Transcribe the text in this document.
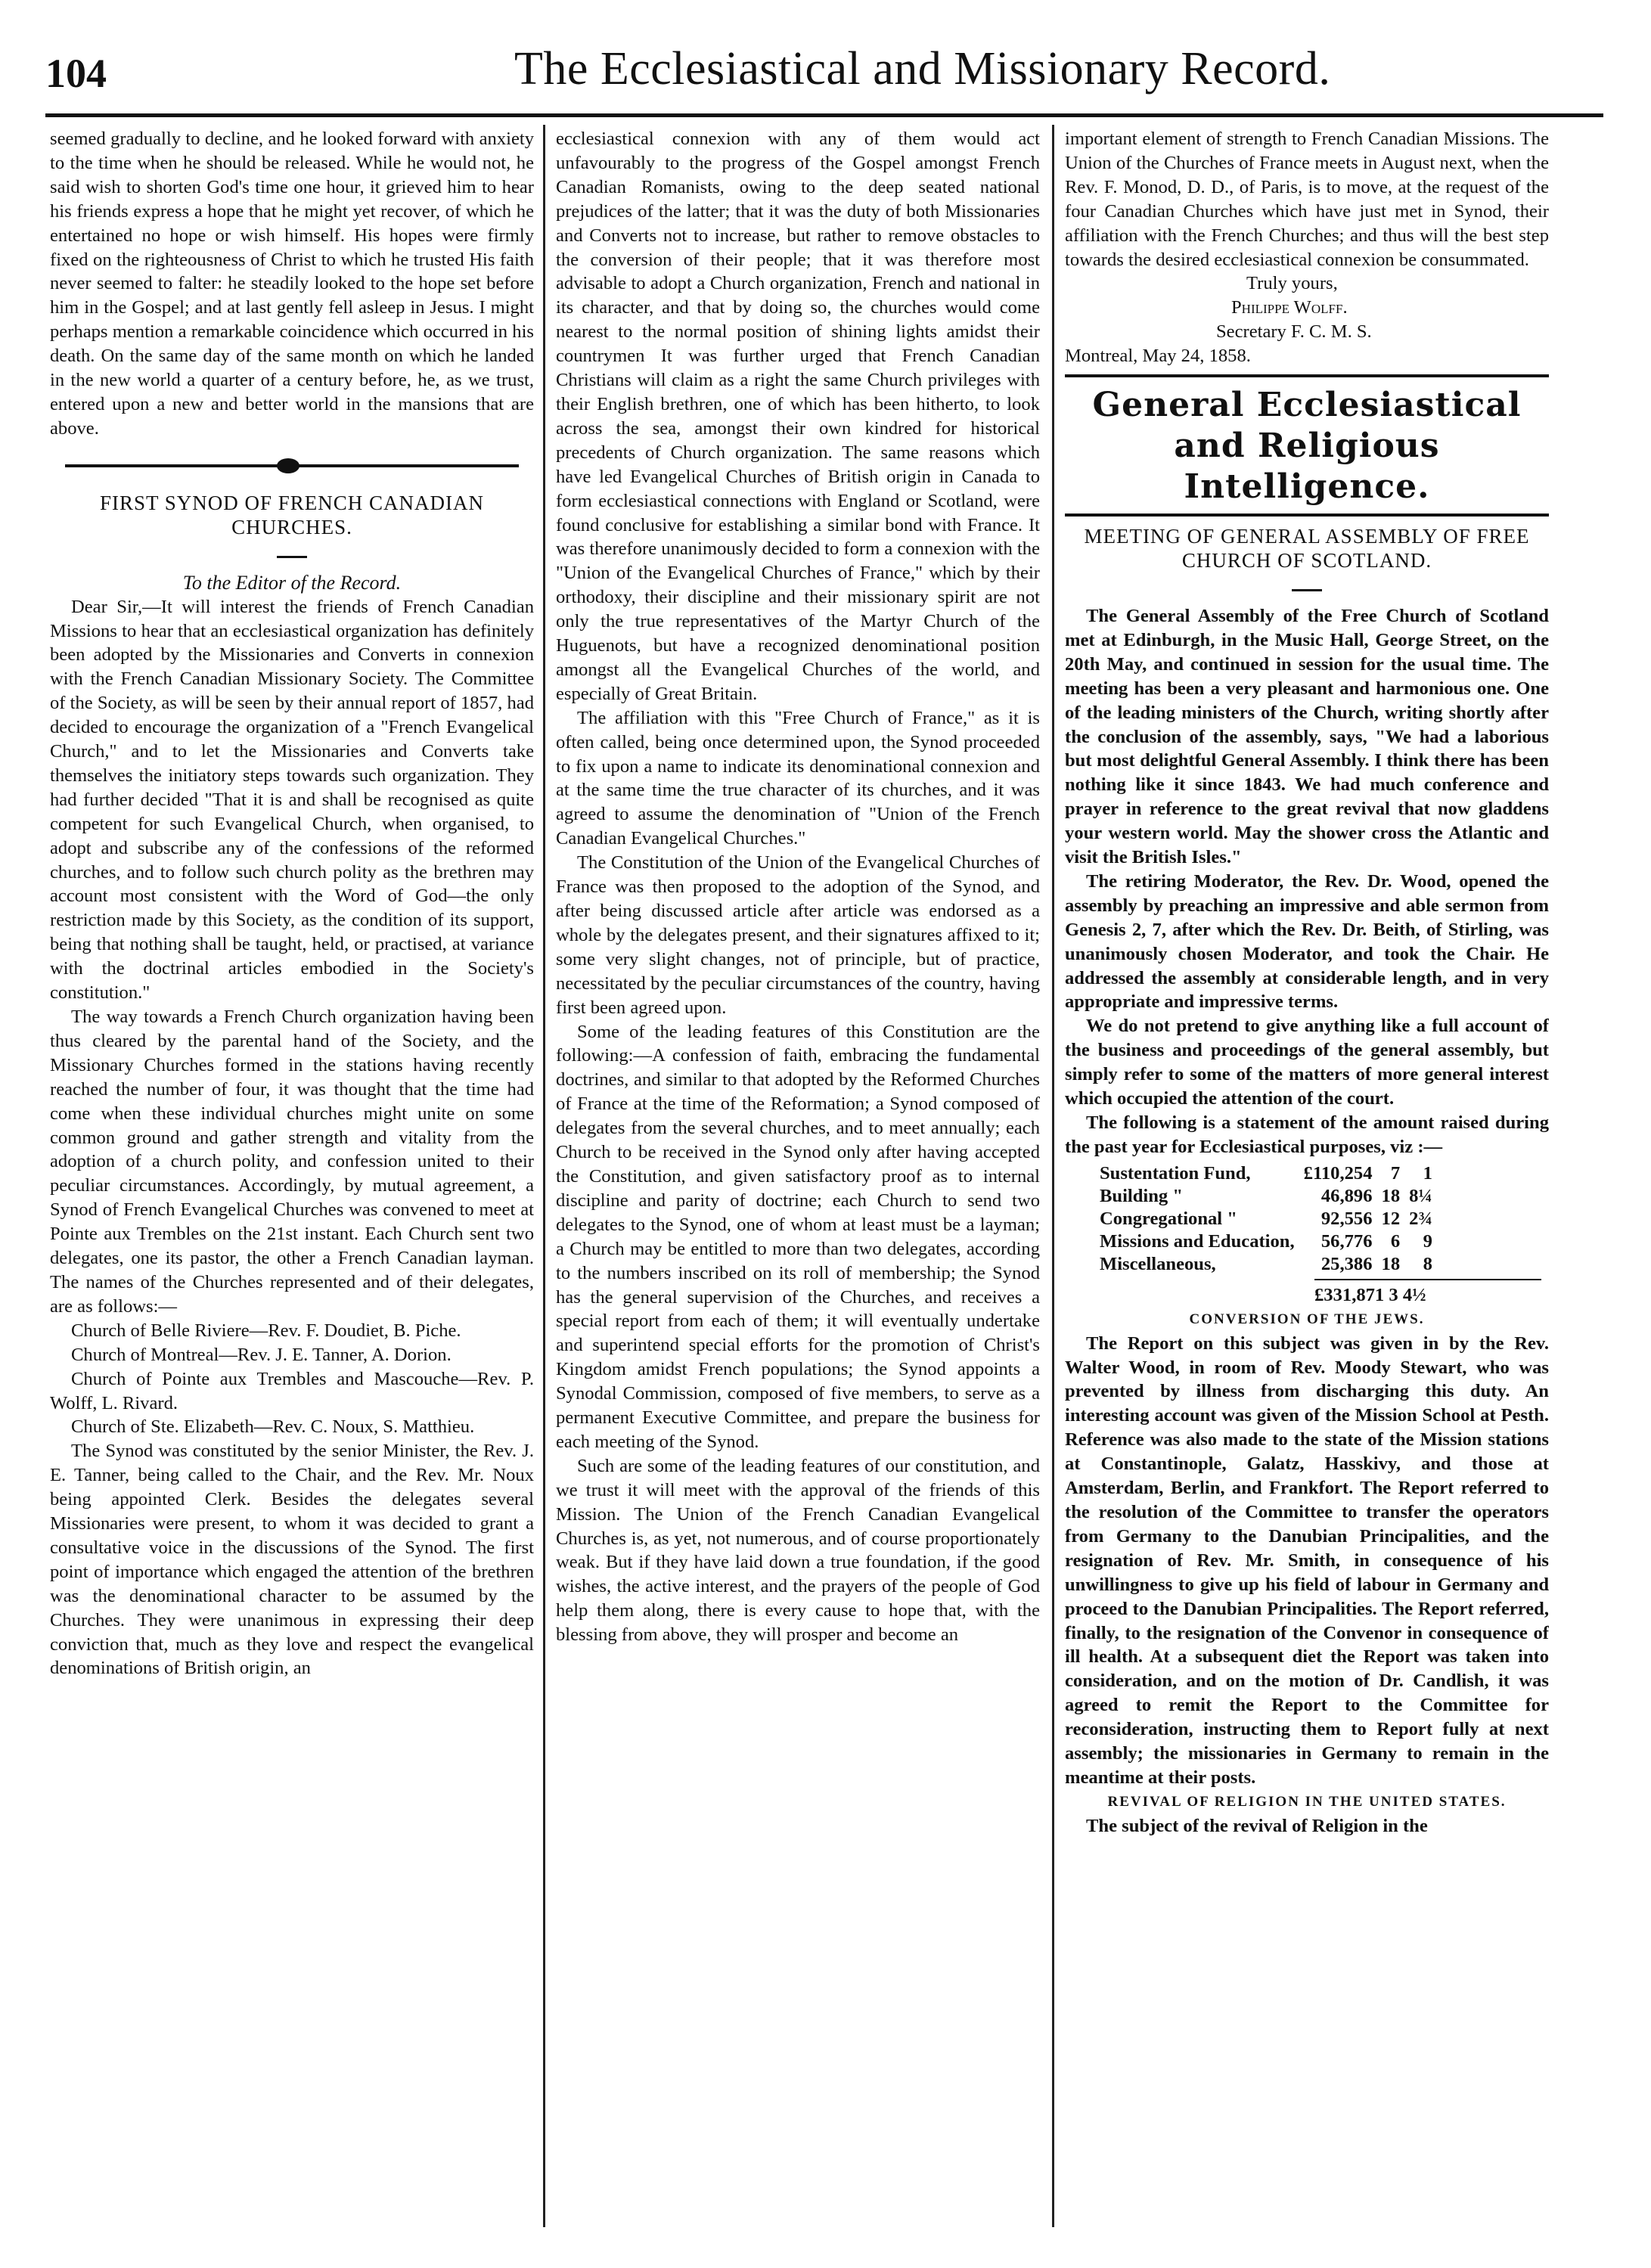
104	The Ecclesiastical and Missionary Record.

seemed gradually to decline, and he looked forward with anxiety to the time when he should be released. While he would not, he said wish to shorten God's time one hour, it grieved him to hear his friends express a hope that he might yet recover, of which he entertained no hope or wish himself. His hopes were firmly fixed on the righteousness of Christ to which he trusted His faith never seemed to falter: he steadily looked to the hope set before him in the Gospel; and at last gently fell asleep in Jesus. I might perhaps mention a remarkable coincidence which occurred in his death. On the same day of the same month on which he landed in the new world a quarter of a century before, he, as we trust, entered upon a new and better world in the mansions that are above.

FIRST SYNOD OF FRENCH CANADIAN CHURCHES.

To the Editor of the Record.

Dear Sir,—It will interest the friends of French Canadian Missions to hear that an ecclesiastical organization has definitely been adopted by the Missionaries and Converts in connexion with the French Canadian Missionary Society. The Committee of the Society, as will be seen by their annual report of 1857, had decided to encourage the organization of a "French Evangelical Church," and to let the Missionaries and Converts take themselves the initiatory steps towards such organization. They had further decided "That it is and shall be recognised as quite competent for such Evangelical Church, when organised, to adopt and subscribe any of the confessions of the reformed churches, and to follow such church polity as the brethren may account most consistent with the Word of God—the only restriction made by this Society, as the condition of its support, being that nothing shall be taught, held, or practised, at variance with the doctrinal articles embodied in the Society's constitution."

The way towards a French Church organization having been thus cleared by the parental hand of the Society, and the Missionary Churches formed in the stations having recently reached the number of four, it was thought that the time had come when these individual churches might unite on some common ground and gather strength and vitality from the adoption of a church polity, and confession united to their peculiar circumstances. Accordingly, by mutual agreement, a Synod of French Evangelical Churches was convened to meet at Pointe aux Trembles on the 21st instant. Each Church sent two delegates, one its pastor, the other a French Canadian layman. The names of the Churches represented and of their delegates, are as follows:—

Church of Belle Riviere—Rev. F. Doudiet, B. Piche.

Church of Montreal—Rev. J. E. Tanner, A. Dorion.

Church of Pointe aux Trembles and Mascouche—Rev. P. Wolff, L. Rivard.

Church of Ste. Elizabeth—Rev. C. Noux, S. Matthieu.

The Synod was constituted by the senior Minister, the Rev. J. E. Tanner, being called to the Chair, and the Rev. Mr. Noux being appointed Clerk. Besides the delegates several Missionaries were present, to whom it was decided to grant a consultative voice in the discussions of the Synod. The first point of importance which engaged the attention of the brethren was the denominational character to be assumed by the Churches. They were unanimous in expressing their deep conviction that, much as they love and respect the evangelical denominations of British origin, an

ecclesiastical connexion with any of them would act unfavourably to the progress of the Gospel amongst French Canadian Romanists, owing to the deep seated national prejudices of the latter; that it was the duty of both Missionaries and Converts not to increase, but rather to remove obstacles to the conversion of their people; that it was therefore most advisable to adopt a Church organization, French and national in its character, and that by doing so, the churches would come nearest to the normal position of shining lights amidst their countrymen It was further urged that French Canadian Christians will claim as a right the same Church privileges with their English brethren, one of which has been hitherto, to look across the sea, amongst their own kindred for historical precedents of Church organization. The same reasons which have led Evangelical Churches of British origin in Canada to form ecclesiastical connections with England or Scotland, were found conclusive for establishing a similar bond with France. It was therefore unanimously decided to form a connexion with the "Union of the Evangelical Churches of France," which by their orthodoxy, their discipline and their missionary spirit are not only the true representatives of the Martyr Church of the Huguenots, but have a recognized denominational position amongst all the Evangelical Churches of the world, and especially of Great Britain.

The affiliation with this "Free Church of France," as it is often called, being once determined upon, the Synod proceeded to fix upon a name to indicate its denominational connexion and at the same time the true character of its churches, and it was agreed to assume the denomination of "Union of the French Canadian Evangelical Churches."

The Constitution of the Union of the Evangelical Churches of France was then proposed to the adoption of the Synod, and after being discussed article after article was endorsed as a whole by the delegates present, and their signatures affixed to it; some very slight changes, not of principle, but of practice, necessitated by the peculiar circumstances of the country, having first been agreed upon.

Some of the leading features of this Constitution are the following:—A confession of faith, embracing the fundamental doctrines, and similar to that adopted by the Reformed Churches of France at the time of the Reformation; a Synod composed of delegates from the several churches, and to meet annually; each Church to be received in the Synod only after having accepted the Constitution, and given satisfactory proof as to internal discipline and parity of doctrine; each Church to send two delegates to the Synod, one of whom at least must be a layman; a Church may be entitled to more than two delegates, according to the numbers inscribed on its roll of membership; the Synod has the general supervision of the Churches, and receives a special report from each of them; it will eventually undertake and superintend special efforts for the promotion of Christ's Kingdom amidst French populations; the Synod appoints a Synodal Commission, composed of five members, to serve as a permanent Executive Committee, and prepare the business for each meeting of the Synod.

Such are some of the leading features of our constitution, and we trust it will meet with the approval of the friends of this Mission. The Union of the French Canadian Evangelical Churches is, as yet, not numerous, and of course proportionately weak. But if they have laid down a true foundation, if the good wishes, the active interest, and the prayers of the people of God help them along, there is every cause to hope that, with the blessing from above, they will prosper and become an

important element of strength to French Canadian Missions. The Union of the Churches of France meets in August next, when the Rev. F. Monod, D. D., of Paris, is to move, at the request of the four Canadian Churches which have just met in Synod, their affiliation with the French Churches; and thus will the best step towards the desired ecclesiastical connexion be consummated.

Truly yours,

Philippe Wolff.

Secretary F. C. M. S.

Montreal, May 24, 1858.

General Ecclesiastical and Religious Intelligence.

MEETING OF GENERAL ASSEMBLY OF FREE CHURCH OF SCOTLAND.

The General Assembly of the Free Church of Scotland met at Edinburgh, in the Music Hall, George Street, on the 20th May, and continued in session for the usual time. The meeting has been a very pleasant and harmonious one. One of the leading ministers of the Church, writing shortly after the conclusion of the assembly, says, "We had a laborious but most delightful General Assembly. I think there has been nothing like it since 1843. We had much conference and prayer in reference to the great revival that now gladdens your western world. May the shower cross the Atlantic and visit the British Isles."

The retiring Moderator, the Rev. Dr. Wood, opened the assembly by preaching an impressive and able sermon from Genesis 2, 7, after which the Rev. Dr. Beith, of Stirling, was unanimously chosen Moderator, and took the Chair. He addressed the assembly at considerable length, and in very appropriate and impressive terms.

We do not pretend to give anything like a full account of the business and proceedings of the general assembly, but simply refer to some of the matters of more general interest which occupied the attention of the court.

The following is a statement of the amount raised during the past year for Ecclesiastical purposes, viz :—

Sustentation Fund,	£110,254	7	1
Building "	46,896	18	8¼
Congregational "	92,556	12	2¾
Missions and Education,	56,776	6	9
Miscellaneous,	25,386	18	8

£331,871 3 4½

CONVERSION OF THE JEWS.

The Report on this subject was given in by the Rev. Walter Wood, in room of Rev. Moody Stewart, who was prevented by illness from discharging this duty. An interesting account was given of the Mission School at Pesth. Reference was also made to the state of the Mission stations at Constantinople, Galatz, Hasskivy, and those at Amsterdam, Berlin, and Frankfort. The Report referred to the resolution of the Committee to transfer the operators from Germany to the Danubian Principalities, and the resignation of Rev. Mr. Smith, in consequence of his unwillingness to give up his field of labour in Germany and proceed to the Danubian Principalities. The Report referred, finally, to the resignation of the Convenor in consequence of ill health. At a subsequent diet the Report was taken into consideration, and on the motion of Dr. Candlish, it was agreed to remit the Report to the Committee for reconsideration, instructing them to Report fully at next assembly; the missionaries in Germany to remain in the meantime at their posts.

REVIVAL OF RELIGION IN THE UNITED STATES.

The subject of the revival of Religion in the
